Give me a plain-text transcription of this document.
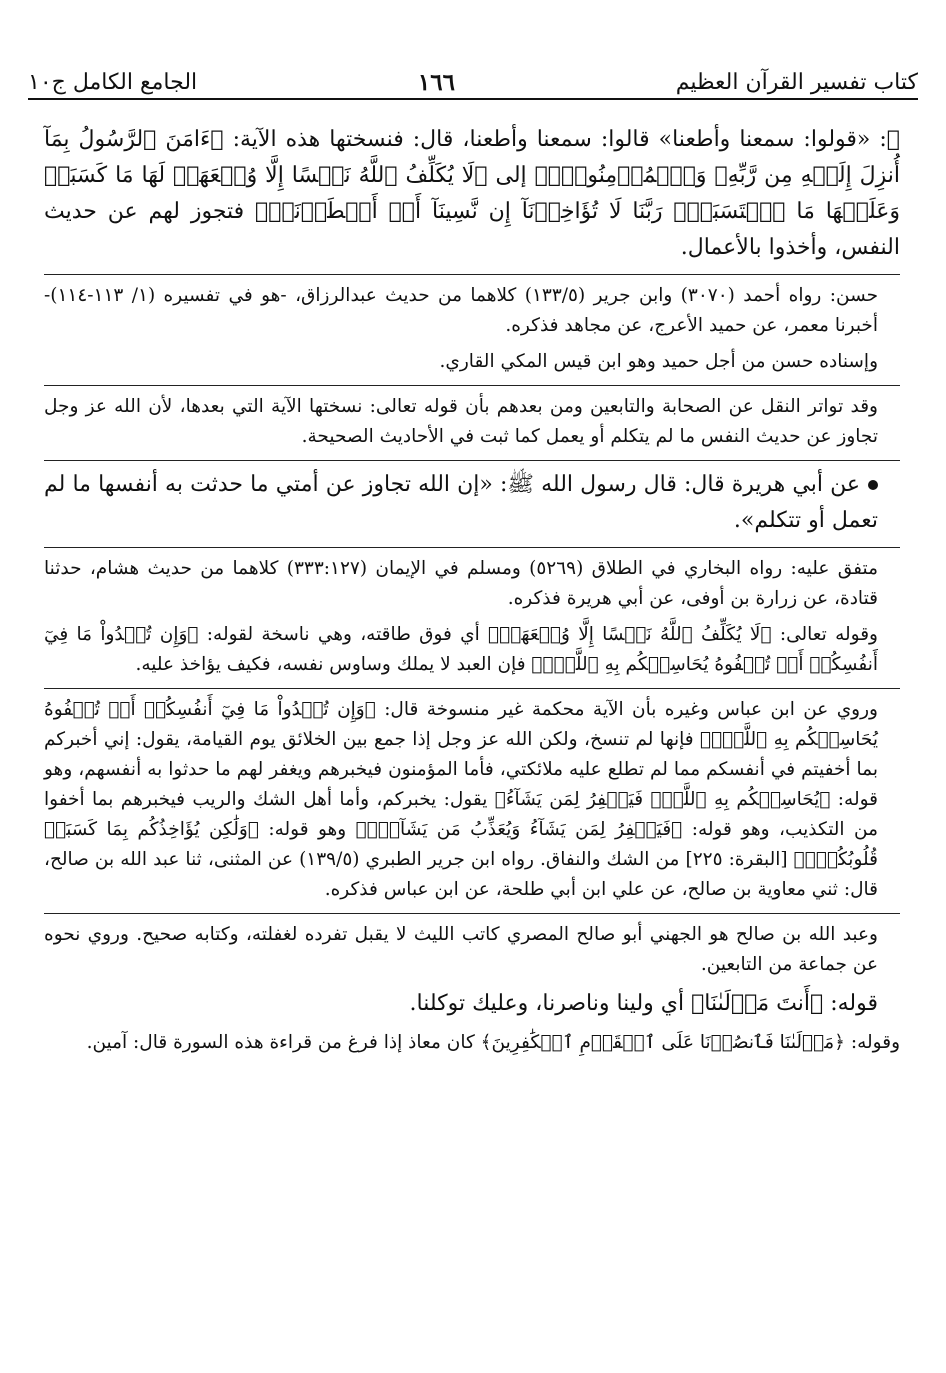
كتاب تفسير القرآن العظيم
١٦٦
الجامع الكامل ج١٠

ﷺ: «قولوا: سمعنا وأطعنا» قالوا: سمعنا وأطعنا، قال: فنسختها هذه الآية: ﴿ءَامَنَ ٱلرَّسُولُ بِمَآ أُنزِلَ إِلَيۡهِ مِن رَّبِّهِۦ وَٱلۡمُؤۡمِنُونَۚ﴾ إلى ﴿لَا يُكَلِّفُ ٱللَّهُ نَفۡسًا إِلَّا وُسۡعَهَاۚ لَهَا مَا كَسَبَتۡ وَعَلَيۡهَا مَا ٱكۡتَسَبَتۡۗ رَبَّنَا لَا تُؤَاخِذۡنَآ إِن نَّسِينَآ أَوۡ أَخۡطَأۡنَاۚ﴾ فتجوز لهم عن حديث النفس، وأخذوا بالأعمال.

حسن: رواه أحمد (٣٠٧٠) وابن جرير (١٣٣/٥) كلاهما من حديث عبدالرزاق، -هو في تفسيره (١/ ١١٣-١١٤)- أخبرنا معمر، عن حميد الأعرج، عن مجاهد فذكره.

وإسناده حسن من أجل حميد وهو ابن قيس المكي القاري.

وقد تواتر النقل عن الصحابة والتابعين ومن بعدهم بأن قوله تعالى: نسختها الآية التي بعدها، لأن الله عز وجل تجاوز عن حديث النفس ما لم يتكلم أو يعمل كما ثبت في الأحاديث الصحيحة.

عن أبي هريرة قال: قال رسول الله ﷺ: «إن الله تجاوز عن أمتي ما حدثت به أنفسها ما لم تعمل أو تتكلم».

متفق عليه: رواه البخاري في الطلاق (٥٢٦٩) ومسلم في الإيمان (٣٣٣:١٢٧) كلاهما من حديث هشام، حدثنا قتادة، عن زرارة بن أوفى، عن أبي هريرة فذكره.

وقوله تعالى: ﴿لَا يُكَلِّفُ ٱللَّهُ نَفۡسًا إِلَّا وُسۡعَهَاۚ﴾ أي فوق طاقته، وهي ناسخة لقوله: ﴿وَإِن تُبۡدُواْ مَا فِيٓ أَنفُسِكُمۡ أَوۡ تُخۡفُوهُ يُحَاسِبۡكُم بِهِ ٱللَّهُۖ﴾ فإن العبد لا يملك وساوس نفسه، فكيف يؤاخذ عليه.

وروي عن ابن عباس وغيره بأن الآية محكمة غير منسوخة قال: ﴿وَإِن تُبۡدُواْ مَا فِيٓ أَنفُسِكُمۡ أَوۡ تُخۡفُوهُ يُحَاسِبۡكُم بِهِ ٱللَّهُۖ﴾ فإنها لم تنسخ، ولكن الله عز وجل إذا جمع بين الخلائق يوم القيامة، يقول: إني أخبركم بما أخفيتم في أنفسكم مما لم تطلع عليه ملائكتي، فأما المؤمنون فيخبرهم ويغفر لهم ما حدثوا به أنفسهم، وهو قوله: ﴿يُحَاسِبۡكُم بِهِ ٱللَّهُۖ فَيَغۡفِرُ لِمَن يَشَآءُ﴾ يقول: يخبركم، وأما أهل الشك والريب فيخبرهم بما أخفوا من التكذيب، وهو قوله: ﴿فَيَغۡفِرُ لِمَن يَشَآءُ وَيُعَذِّبُ مَن يَشَآءُۗ﴾ وهو قوله: ﴿وَلَٰكِن يُؤَاخِذُكُم بِمَا كَسَبَتۡ قُلُوبُكُمۡۗ﴾ [البقرة: ٢٢٥] من الشك والنفاق. رواه ابن جرير الطبري (١٣٩/٥) عن المثنى، ثنا عبد الله بن صالح، قال: ثني معاوية بن صالح، عن علي ابن أبي طلحة، عن ابن عباس فذكره.

وعبد الله بن صالح هو الجهني أبو صالح المصري كاتب الليث لا يقبل تفرده لغفلته، وكتابه صحيح. وروي نحوه عن جماعة من التابعين.

قوله: ﴿أَنتَ مَوۡلَىٰنَا﴾ أي ولينا وناصرنا، وعليك توكلنا.

وقوله: ﴿مَوۡلَىٰنَا فَٱنصُرۡنَا عَلَى ٱلۡقَوۡمِ ٱلۡكَٰفِرِينَ﴾ كان معاذ إذا فرغ من قراءة هذه السورة قال: آمين.
